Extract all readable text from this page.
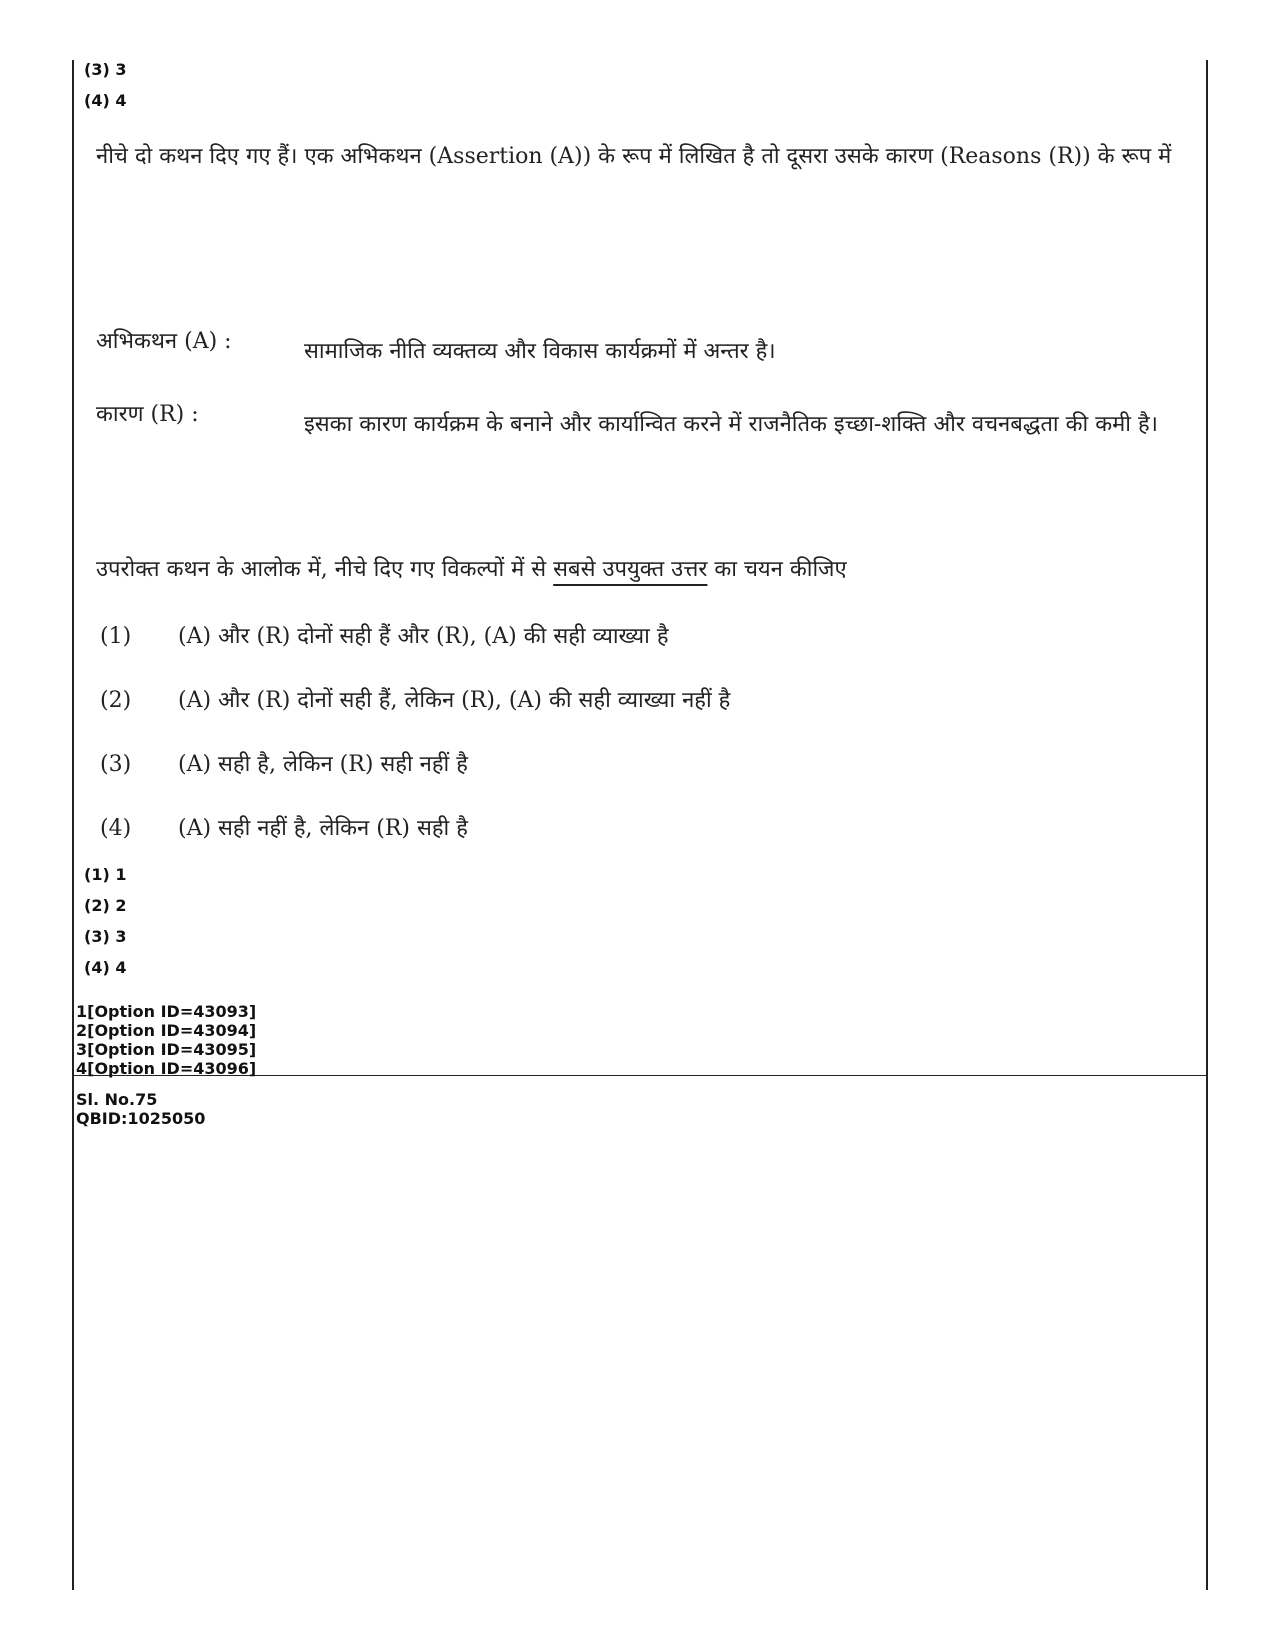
(3) 3
(4) 4
नीचे दो कथन दिए गए हैं। एक अभिकथन (Assertion (A)) के रूप में लिखित है तो दूसरा उसके कारण (Reasons (R)) के रूप में
अभिकथन (A) :	सामाजिक नीति व्यक्तव्य और विकास कार्यक्रमों में अन्तर है।
कारण (R) :	इसका कारण कार्यक्रम के बनाने और कार्यान्वित करने में राजनैतिक इच्छा-शक्ति और वचनबद्धता की कमी है।
उपरोक्त कथन के आलोक में, नीचे दिए गए विकल्पों में से सबसे उपयुक्त उत्तर का चयन कीजिए
(1) (A) और (R) दोनों सही हैं और (R), (A) की सही व्याख्या है
(2) (A) और (R) दोनों सही हैं, लेकिन (R), (A) की सही व्याख्या नहीं है
(3) (A) सही है, लेकिन (R) सही नहीं है
(4) (A) सही नहीं है, लेकिन (R) सही है
(1) 1
(2) 2
(3) 3
(4) 4
1[Option ID=43093]
2[Option ID=43094]
3[Option ID=43095]
4[Option ID=43096]
Sl. No.75
QBID:1025050
